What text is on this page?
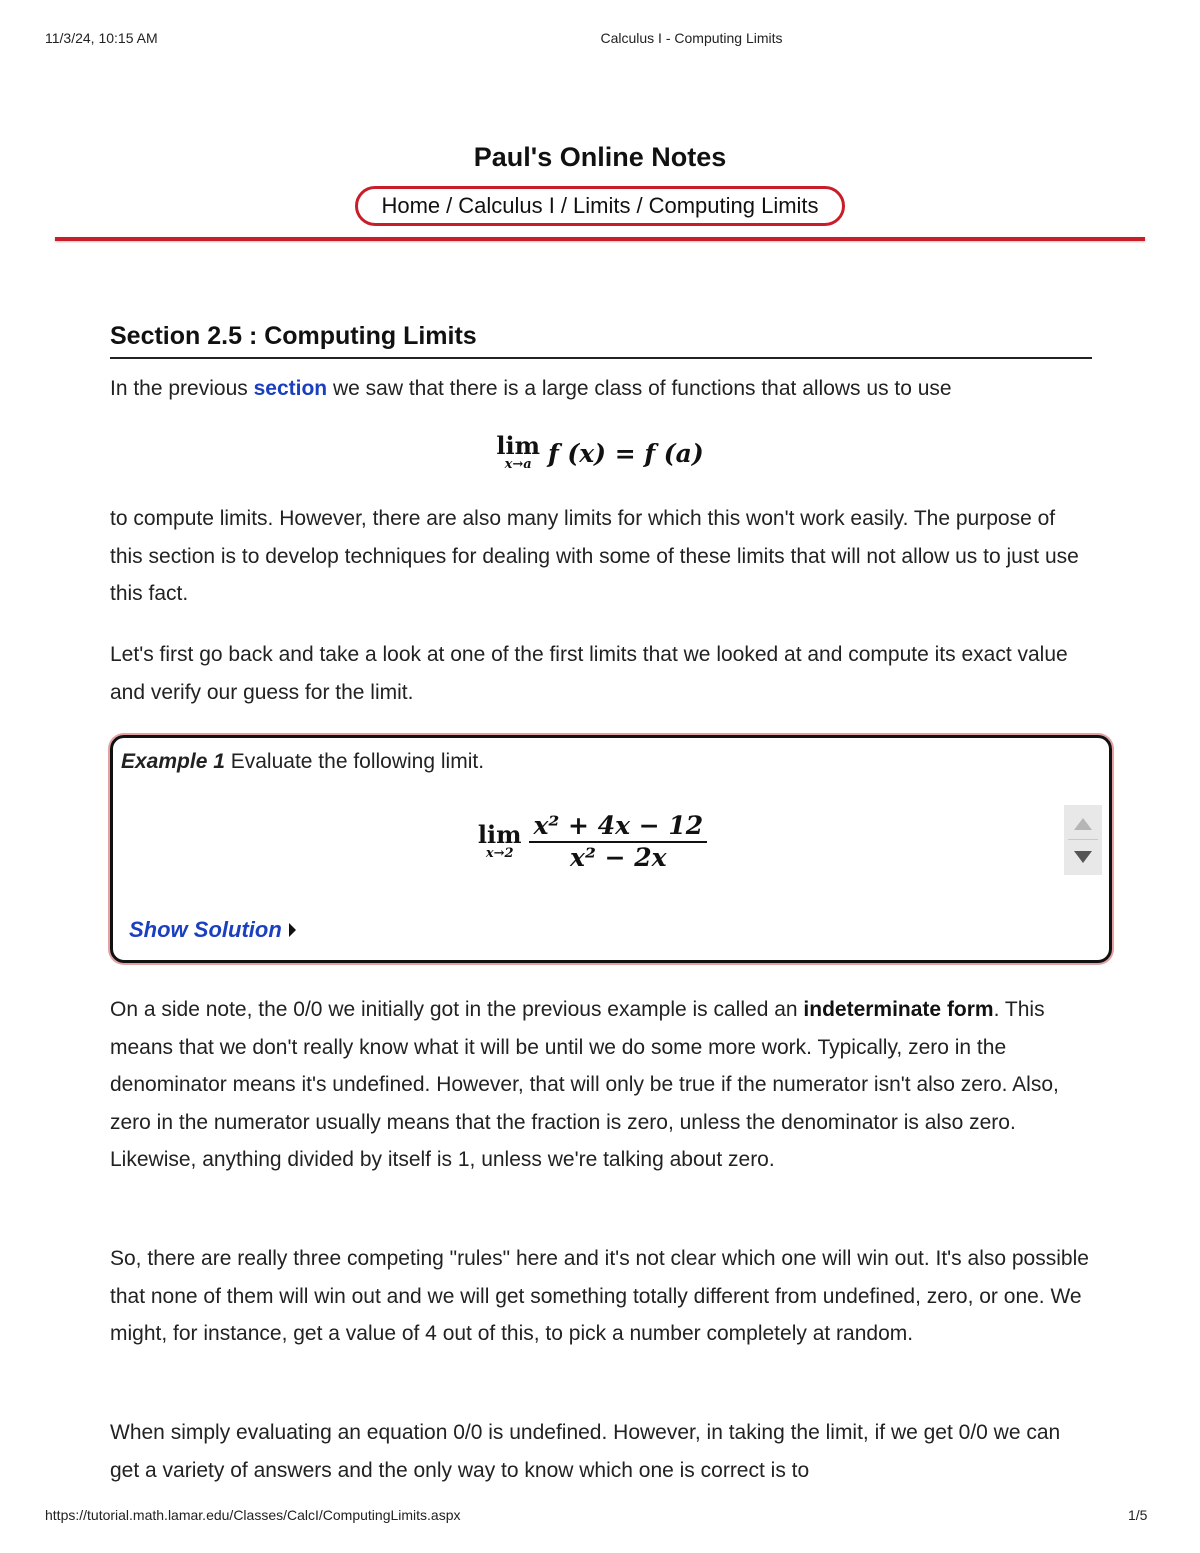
11/3/24, 10:15 AM	Calculus I - Computing Limits
Paul's Online Notes
Home / Calculus I / Limits / Computing Limits
Section 2.5 : Computing Limits
In the previous section we saw that there is a large class of functions that allows us to use
lim
x→a f (x) = f (a)
to compute limits. However, there are also many limits for which this won't work easily. The purpose of this section is to develop techniques for dealing with some of these limits that will not allow us to just use this fact.
Let's first go back and take a look at one of the first limits that we looked at and compute its exact value and verify our guess for the limit.
Example 1 Evaluate the following limit.
lim
$x\to 2 \frac{\text{x² + 4x − 12}}{\text{x² − 2x}}$
Show Solution
On a side note, the 0/0 we initially got in the previous example is called an indeterminate form. This means that we don't really know what it will be until we do some more work. Typically, zero in the denominator means it's undefined. However, that will only be true if the numerator isn't also zero. Also, zero in the numerator usually means that the fraction is zero, unless the denominator is also zero. Likewise, anything divided by itself is 1, unless we're talking about zero.
So, there are really three competing "rules" here and it's not clear which one will win out. It's also possible that none of them will win out and we will get something totally different from undefined, zero, or one. We might, for instance, get a value of 4 out of this, to pick a number completely at random.
When simply evaluating an equation 0/0 is undefined. However, in taking the limit, if we get 0/0 we can get a variety of answers and the only way to know which one is correct is to
https://tutorial.math.lamar.edu/Classes/CalcI/ComputingLimits.aspx	1/5
